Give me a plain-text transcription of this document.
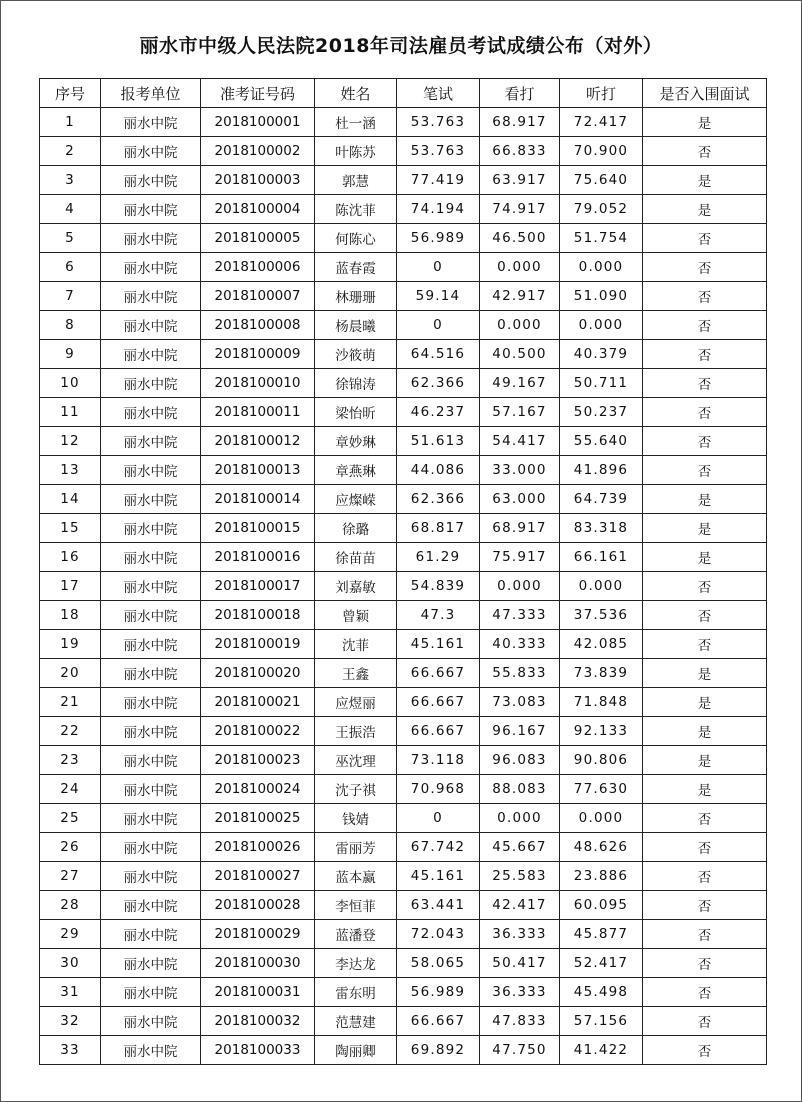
丽水市中级人民法院2018年司法雇员考试成绩公布（对外）
序号	报考单位	准考证号码	姓名	笔试	看打	听打	是否入围面试
1	丽水中院	2018100001	杜一涵	53.763	68.917	72.417	是
2	丽水中院	2018100002	叶陈苏	53.763	66.833	70.900	否
3	丽水中院	2018100003	郭慧	77.419	63.917	75.640	是
4	丽水中院	2018100004	陈沈菲	74.194	74.917	79.052	是
5	丽水中院	2018100005	何陈心	56.989	46.500	51.754	否
6	丽水中院	2018100006	蓝春霞	0	0.000	0.000	否
7	丽水中院	2018100007	林珊珊	59.14	42.917	51.090	否
8	丽水中院	2018100008	杨晨曦	0	0.000	0.000	否
9	丽水中院	2018100009	沙筱萌	64.516	40.500	40.379	否
10	丽水中院	2018100010	徐锦涛	62.366	49.167	50.711	否
11	丽水中院	2018100011	梁怡昕	46.237	57.167	50.237	否
12	丽水中院	2018100012	章妙琳	51.613	54.417	55.640	否
13	丽水中院	2018100013	章燕琳	44.086	33.000	41.896	否
14	丽水中院	2018100014	应燦嵘	62.366	63.000	64.739	是
15	丽水中院	2018100015	徐璐	68.817	68.917	83.318	是
16	丽水中院	2018100016	徐苗苗	61.29	75.917	66.161	是
17	丽水中院	2018100017	刘嘉敏	54.839	0.000	0.000	否
18	丽水中院	2018100018	曾颖	47.3	47.333	37.536	否
19	丽水中院	2018100019	沈菲	45.161	40.333	42.085	否
20	丽水中院	2018100020	王鑫	66.667	55.833	73.839	是
21	丽水中院	2018100021	应煜丽	66.667	73.083	71.848	是
22	丽水中院	2018100022	王振浩	66.667	96.167	92.133	是
23	丽水中院	2018100023	巫沈理	73.118	96.083	90.806	是
24	丽水中院	2018100024	沈子祺	70.968	88.083	77.630	是
25	丽水中院	2018100025	钱婧	0	0.000	0.000	否
26	丽水中院	2018100026	雷丽芳	67.742	45.667	48.626	否
27	丽水中院	2018100027	蓝本赢	45.161	25.583	23.886	否
28	丽水中院	2018100028	李恒菲	63.441	42.417	60.095	否
29	丽水中院	2018100029	蓝潘登	72.043	36.333	45.877	否
30	丽水中院	2018100030	李达龙	58.065	50.417	52.417	否
31	丽水中院	2018100031	雷东明	56.989	36.333	45.498	否
32	丽水中院	2018100032	范慧建	66.667	47.833	57.156	否
33	丽水中院	2018100033	陶丽卿	69.892	47.750	41.422	否
